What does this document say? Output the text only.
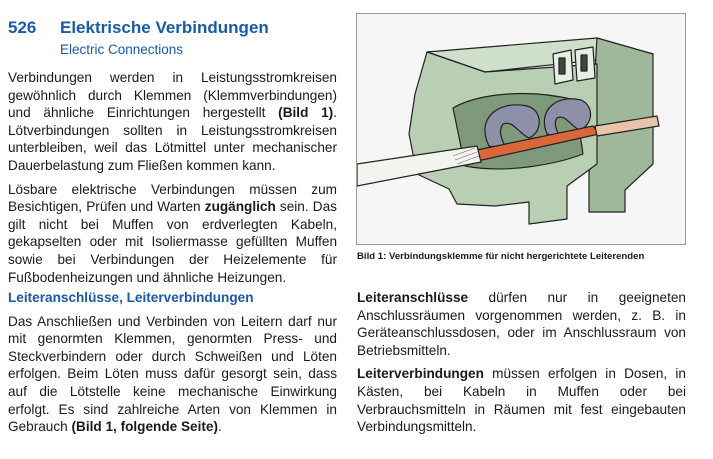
526 Elektrische Verbindungen
Electric Connections

Verbindungen werden in Leistungsstromkreisen gewöhnlich durch Klemmen (Klemmverbindungen) und ähnliche Einrichtungen hergestellt (Bild 1). Lötverbindungen sollten in Leistungsstromkreisen unterbleiben, weil das Lötmittel unter mechanischer Dauerbelastung zum Fließen kommen kann.

Lösbare elektrische Verbindungen müssen zum Besichtigen, Prüfen und Warten zugänglich sein. Das gilt nicht bei Muffen von erdverlegten Kabeln, gekapselten oder mit Isoliermasse gefüllten Muffen sowie bei Verbindungen der Heizelemente für Fußbodenheizungen und ähnliche Heizungen.

Leiteranschlüsse, Leiterverbindungen

Das Anschließen und Verbinden von Leitern darf nur mit genormten Klemmen, genormten Press- und Steckverbindern oder durch Schweißen und Löten erfolgen. Beim Löten muss dafür gesorgt sein, dass auf die Lötstelle keine mechanische Einwirkung erfolgt. Es sind zahlreiche Arten von Klemmen in Gebrauch (Bild 1, folgende Seite).

Leiteranschlüsse dürfen nur in geeigneten Anschlussräumen vorgenommen werden, z. B. in Geräteanschlussdosen, oder im Anschlussraum von Betriebsmitteln.

Leiterverbindungen müssen erfolgen in Dosen, in Kästen, bei Kabeln in Muffen oder bei Verbrauchsmitteln in Räumen mit fest eingebauten Verbindungsmitteln.

Bild 1: Verbindungsklemme für nicht hergerichtete Leiterenden
